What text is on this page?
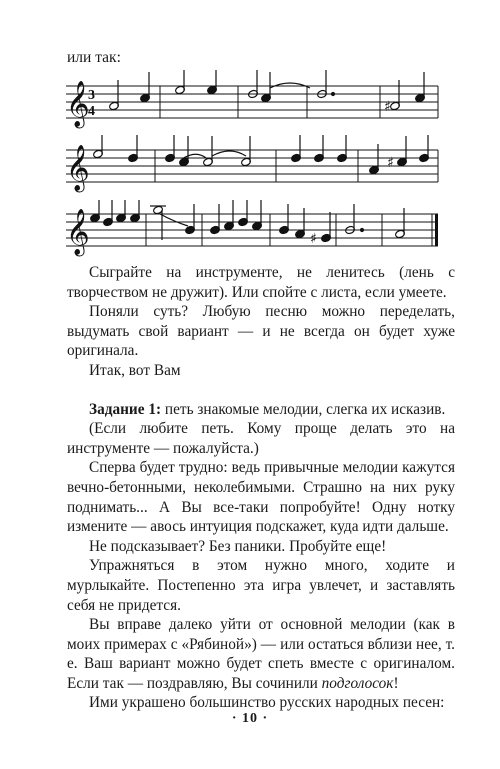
или так:

𝄞
3
4	♯
𝄞	♯
𝄞	♯

Сыграйте на инструменте, не ленитесь (лень с творчеством не дружит). Или спойте с листа, если умеете.

Поняли суть? Любую песню можно переделать, выдумать свой вариант — и не всегда он будет хуже оригинала.

Итак, вот Вам

Задание 1: петь знакомые мелодии, слегка их исказив.

(Если любите петь. Кому проще делать это на инструменте — пожалуйста.)

Сперва будет трудно: ведь привычные мелодии кажутся вечно-бетонными, неколебимыми. Страшно на них руку поднимать... А Вы все-таки попробуйте! Одну нотку измените — авось интуиция подскажет, куда идти дальше.

Не подсказывает? Без паники. Пробуйте еще!

Упражняться в этом нужно много, ходите и мурлыкайте. Постепенно эта игра увлечет, и заставлять себя не придется.

Вы вправе далеко уйти от основной мелодии (как в моих примерах с «Рябиной») — или остаться вблизи нее, т. е. Ваш вариант можно будет спеть вместе с оригиналом. Если так — поздравляю, Вы сочинили подголосок!

Ими украшено большинство русских народных песен:

· 10 ·
